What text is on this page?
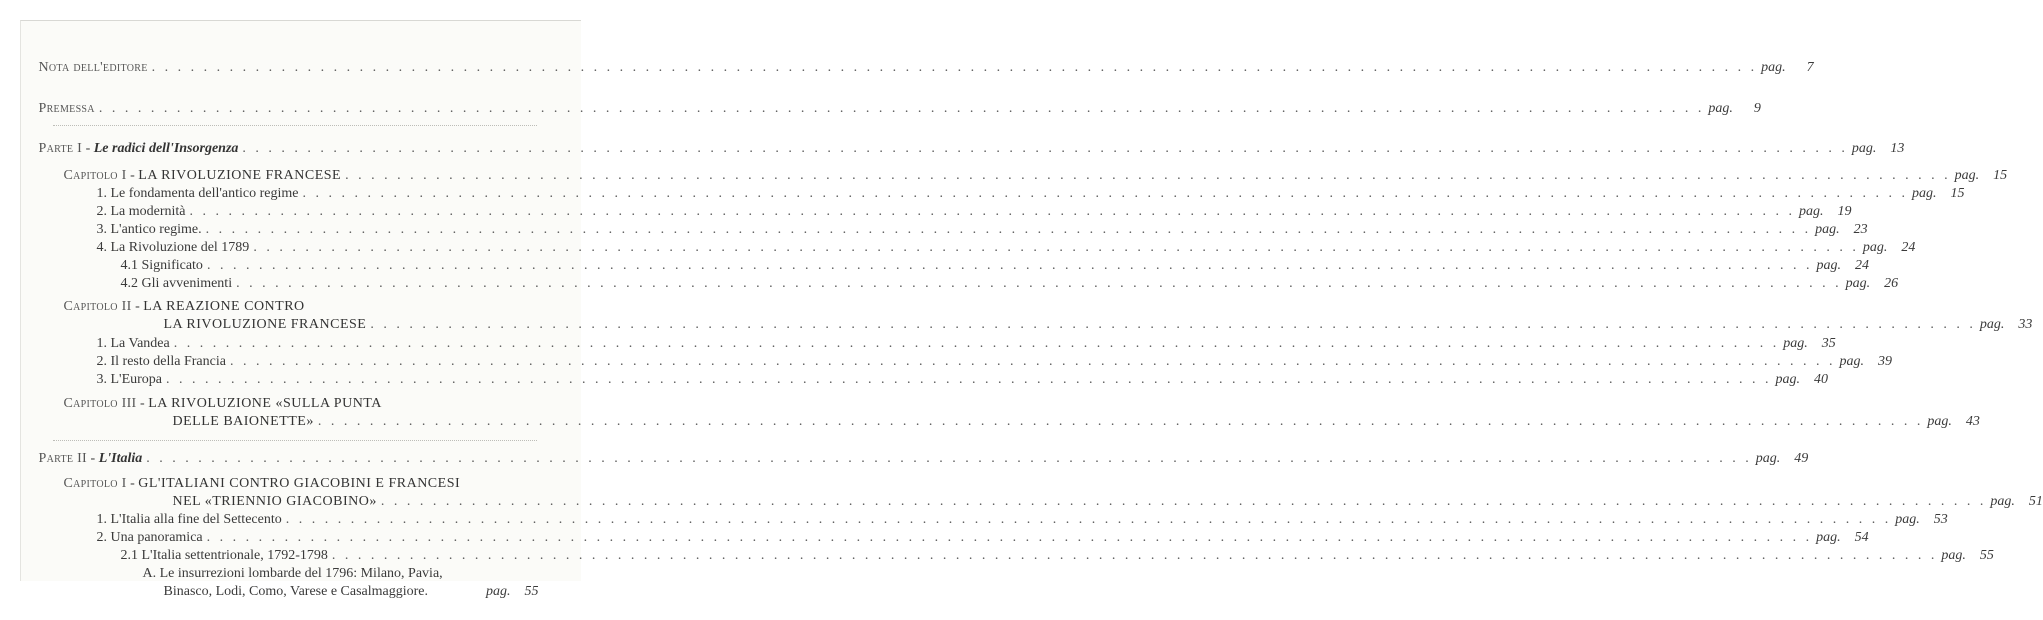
Nota dell'editore . . .	pag.	7
Premessa . . .	pag.	9
Parte I - Le radici dell'Insorgenza . . .	pag.	13
Capitolo I - LA RIVOLUZIONE FRANCESE . . .	pag.	15
1. Le fondamenta dell'antico regime . . .	pag.	15
2. La modernità . . .	pag.	19
3. L'antico regime. . . .	pag.	23
4. La Rivoluzione del 1789 . . .	pag.	24
4.1 Significato . . .	pag.	24
4.2 Gli avvenimenti . . .	pag.	26
Capitolo II - LA REAZIONE CONTRO
LA RIVOLUZIONE FRANCESE . . .	pag.	33
1. La Vandea . . .	pag.	35
2. Il resto della Francia . . .	pag.	39
3. L'Europa . . .	pag.	40
Capitolo III - LA RIVOLUZIONE «SULLA PUNTA
DELLE BAIONETTE» . . .	pag.	43
Parte II - L'Italia . . .	pag.	49
Capitolo I - GL'ITALIANI CONTRO GIACOBINI E FRANCESI
NEL «TRIENNIO GIACOBINO» . . .	pag.	51
1. L'Italia alla fine del Settecento . . .	pag.	53
2. Una panoramica . . .	pag.	54
2.1 L'Italia settentrionale, 1792-1798 . . .	pag.	55
A. Le insurrezioni lombarde del 1796: Milano, Pavia,
Binasco, Lodi, Como, Varese e Casalmaggiore.	pag.	55
